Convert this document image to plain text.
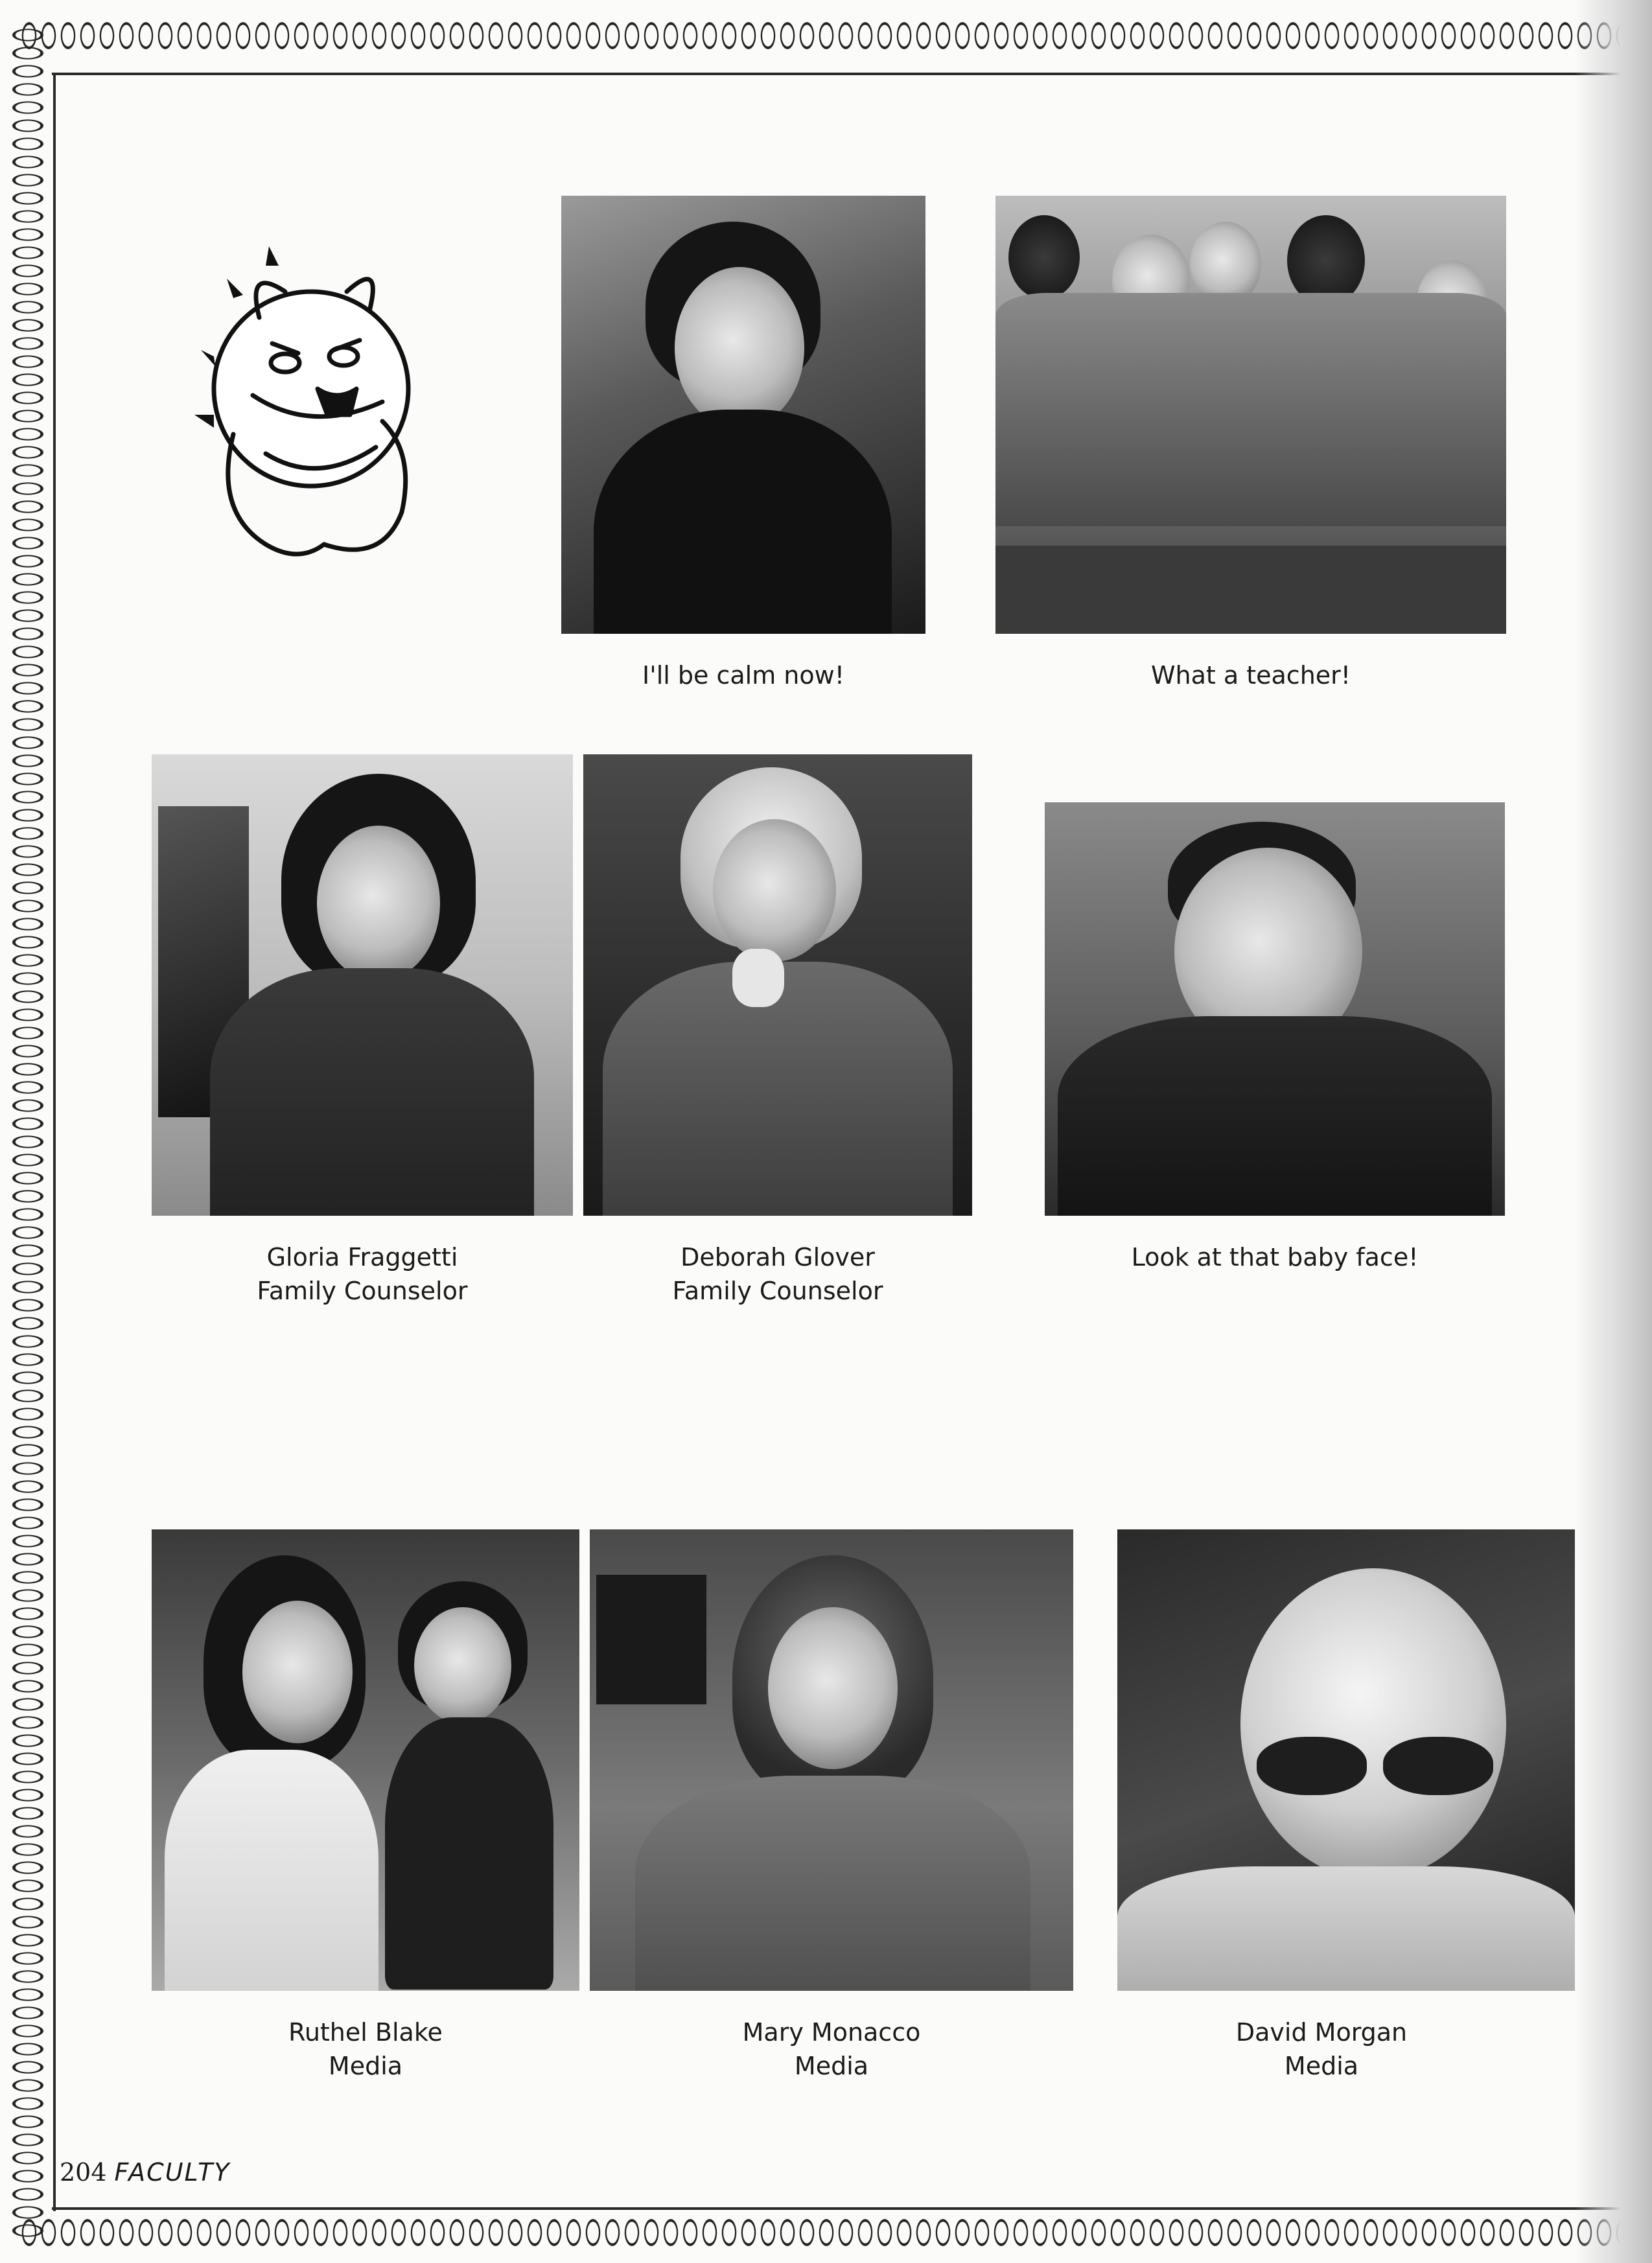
I'll be calm now!	What a teacher!
Gloria Fraggetti
Family Counselor
Deborah Glover
Family Counselor
Look at that baby face!
Ruthel Blake
Media
Mary Monacco
Media
David Morgan
Media
204 FACULTY
